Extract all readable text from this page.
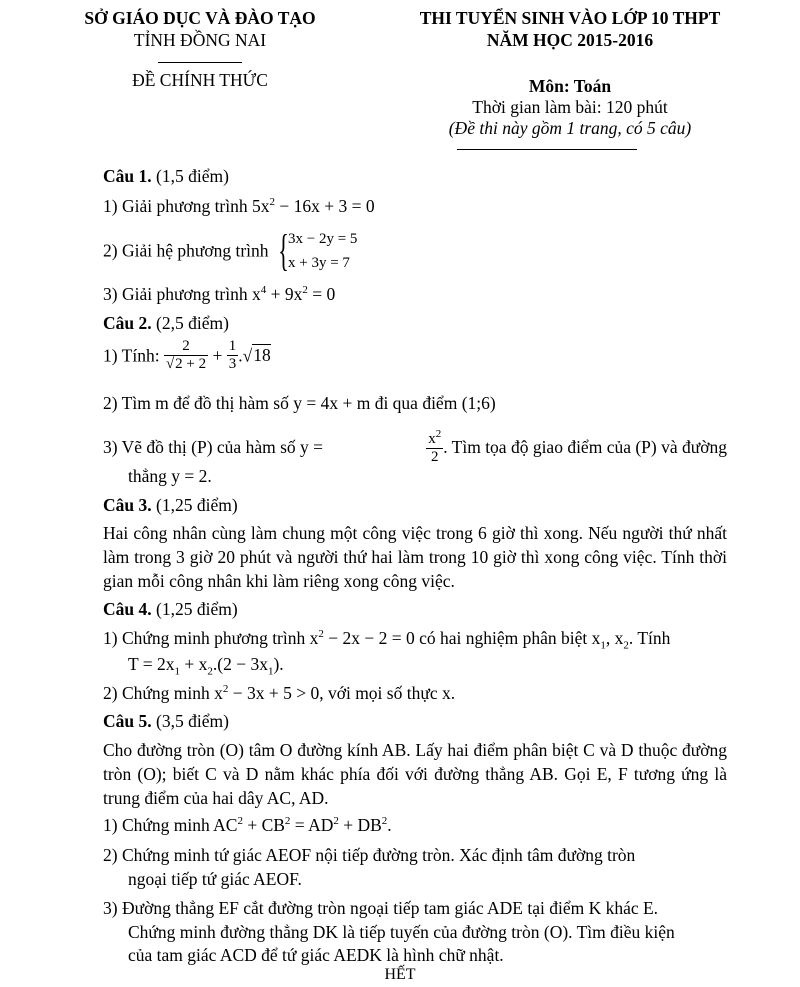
SỞ GIÁO DỤC VÀ ĐÀO TẠO
TỈNH ĐỒNG NAI
ĐỀ CHÍNH THỨC
THI TUYỂN SINH VÀO LỚP 10 THPT
NĂM HỌC 2015-2016
Môn: Toán
Thời gian làm bài: 120 phút
(Đề thi này gồm 1 trang, có 5 câu)
Câu 1. (1,5 điểm)
1) Giải phương trình $5x^2 - 16x + 3 = 0$
2) Giải hệ phương trình {3x − 2y = 5
x + 3y = 7
3) Giải phương trình $x^4 + 9x^2 = 0$
Câu 2. (2,5 điểm)
1) Tính: $\frac{2}{√2 + 2} + \frac{1}{3} .√18$
2) Tìm m để đồ thị hàm số y = 4x + m đi qua điểm (1;6)
3) Vẽ đồ thị (P) của hàm số y =	$\frac{x^2}{2}$ . Tìm tọa độ giao điểm của (P) và đường
thẳng y = 2.
Câu 3. (1,25 điểm)
Hai công nhân cùng làm chung một công việc trong 6 giờ thì xong. Nếu người thứ nhất làm trong 3 giờ 20 phút và người thứ hai làm trong 10 giờ thì xong công việc. Tính thời gian mỗi công nhân khi làm riêng xong công việc.
Câu 4. (1,25 điểm)
1) Chứng minh phương trình $x^2 - 2x - 2 = 0$ có hai nghiệm phân biệt $x_1$, $x_2$. Tính
$T = 2x_1 + x_2.(2 - 3x_1)$.
2) Chứng minh $x^2 - 3x + 5 > 0$, với mọi số thực x.
Câu 5. (3,5 điểm)
Cho đường tròn (O) tâm O đường kính AB. Lấy hai điểm phân biệt C và D thuộc đường tròn (O); biết C và D nằm khác phía đối với đường thẳng AB. Gọi E, F tương ứng là trung điểm của hai dây AC, AD.
1) Chứng minh $AC^2 + CB^2 = AD^2 + DB^2$.
2) Chứng minh tứ giác AEOF nội tiếp đường tròn. Xác định tâm đường tròn
ngoại tiếp tứ giác AEOF.
3) Đường thẳng EF cắt đường tròn ngoại tiếp tam giác ADE tại điểm K khác E.
Chứng minh đường thẳng DK là tiếp tuyến của đường tròn (O). Tìm điều kiện
của tam giác ACD để tứ giác AEDK là hình chữ nhật.
HẾT
